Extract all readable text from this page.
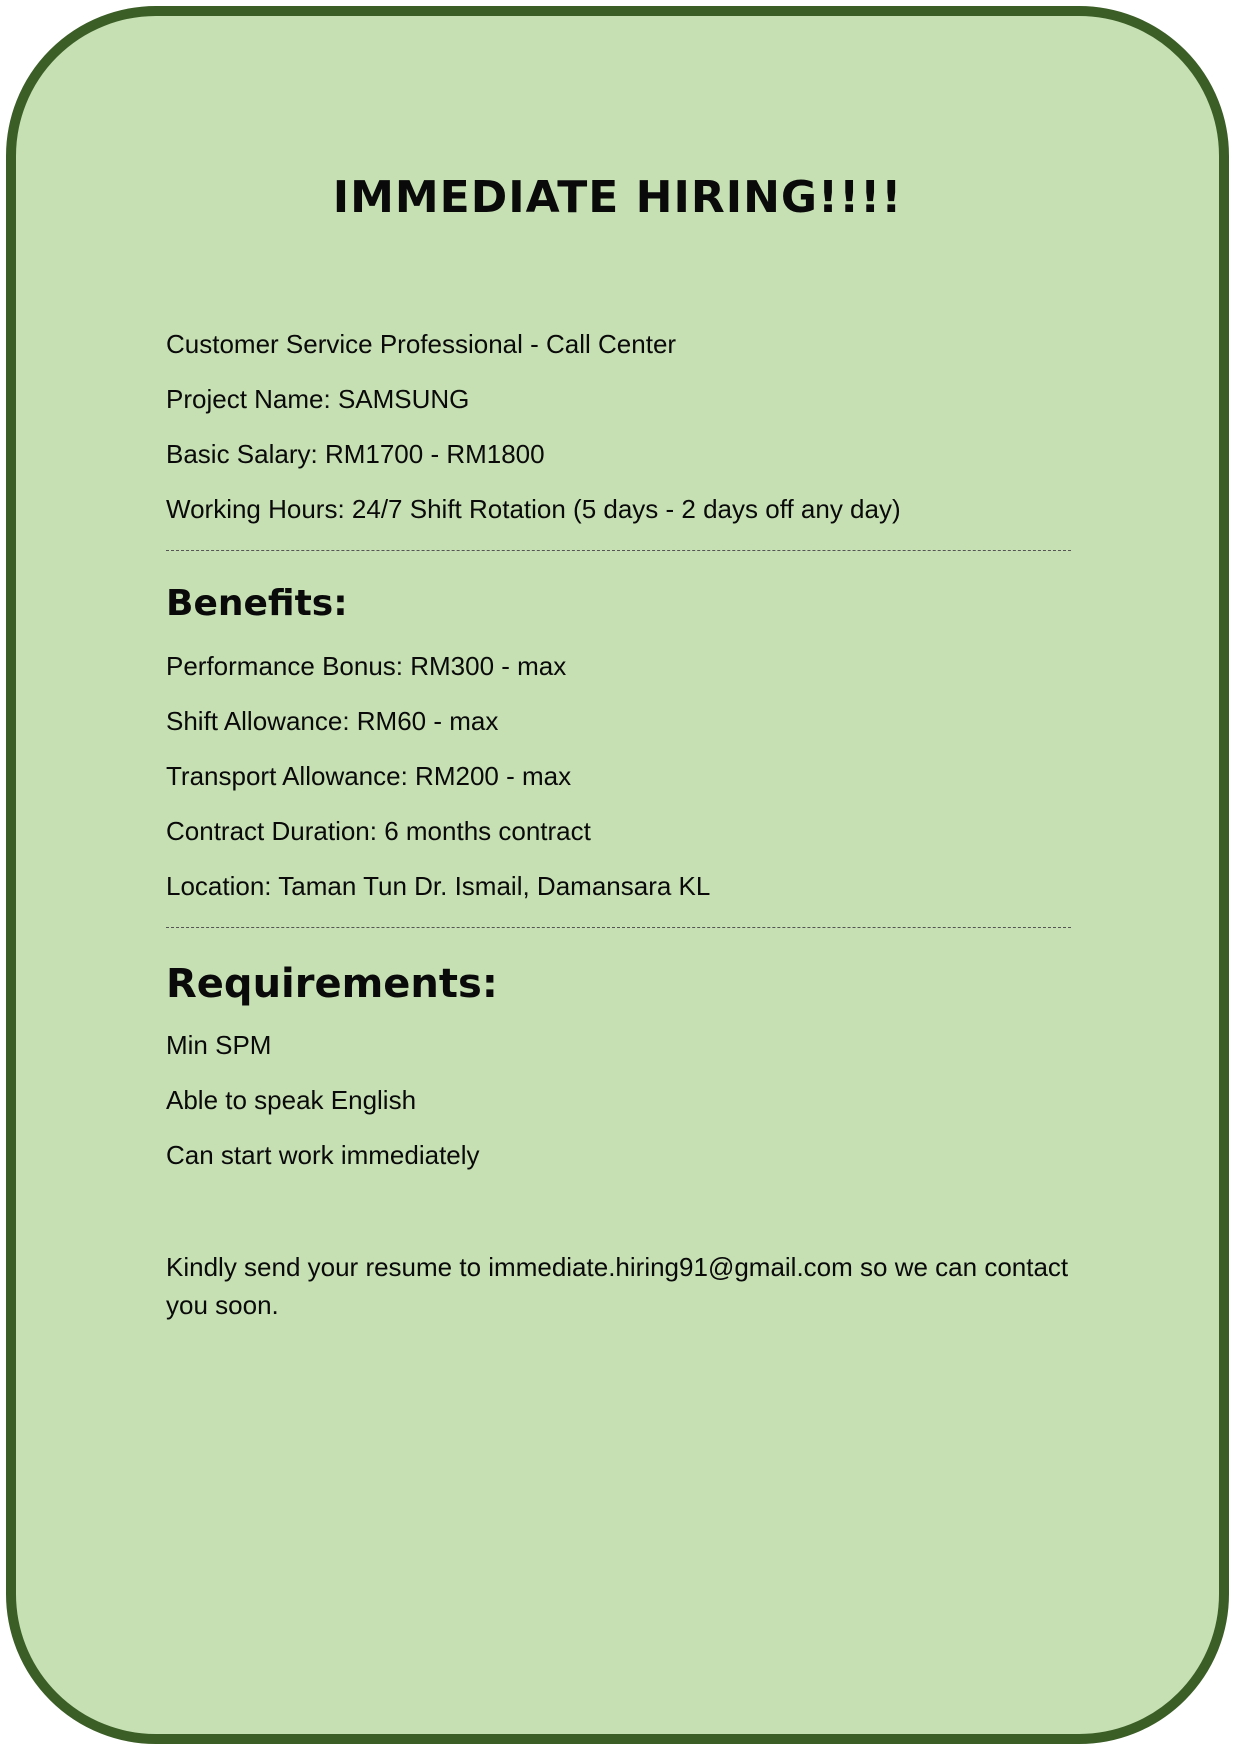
IMMEDIATE HIRING!!!!

Customer Service Professional - Call Center

Project Name: SAMSUNG

Basic Salary: RM1700 - RM1800

Working Hours: 24/7 Shift Rotation (5 days - 2 days off any day)

Benefits:

Performance Bonus: RM300 - max

Shift Allowance: RM60 - max

Transport Allowance: RM200 - max

Contract Duration: 6 months contract

Location: Taman Tun Dr. Ismail, Damansara KL

Requirements:

Min SPM

Able to speak English

Can start work immediately

Kindly send your resume to immediate.hiring91@gmail.com so we can contact you soon.
